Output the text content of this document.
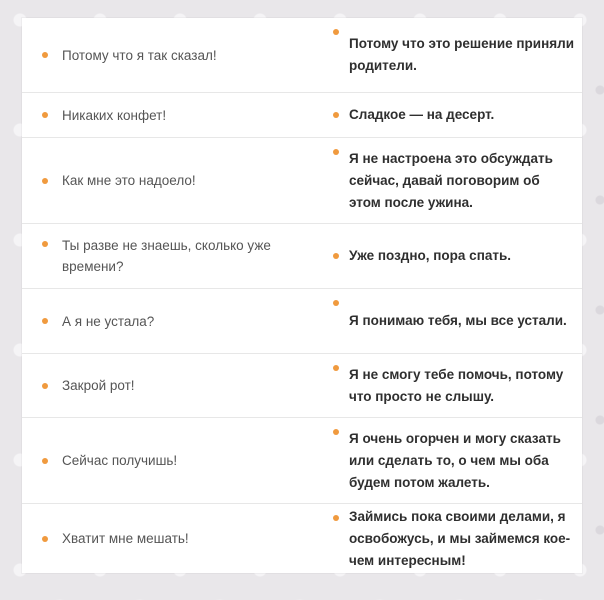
Потому что я так сказал!
Потому что это решение приняли родители.
Никаких конфет!	Сладкое — на десерт.
Как мне это надоело!
Я не настроена это обсуждать сейчас, давай поговорим об этом после ужина.
Ты разве не знаешь, сколько уже времени?
Уже поздно, пора спать.
А я не устала?	Я понимаю тебя, мы все устали.
Закрой рот!
Я не смогу тебе помочь, потому что просто не слышу.
Сейчас получишь!
Я очень огорчен и могу сказать или сделать то, о чем мы оба будем потом жалеть.
Хватит мне мешать!
Займись пока своими делами, я освобожусь, и мы займемся кое-чем интересным!
